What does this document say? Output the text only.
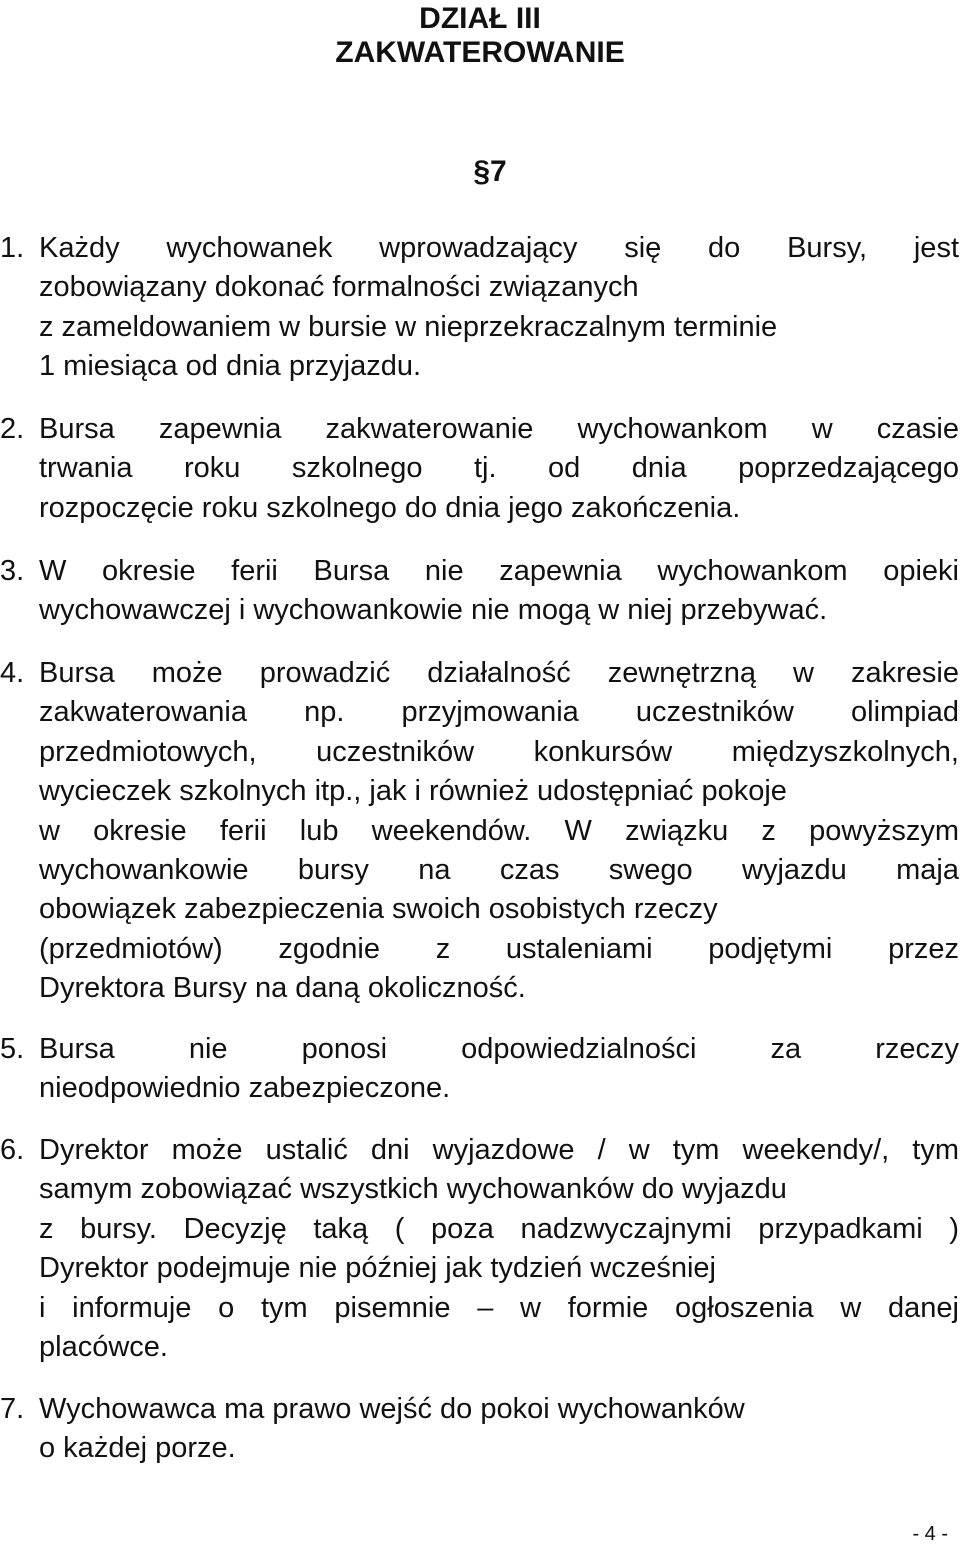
DZIAŁ III
ZAKWATEROWANIE
§7
1. Każdy wychowanek wprowadzający się do Bursy, jest
zobowiązany dokonać formalności związanych
z zameldowaniem w bursie w nieprzekraczalnym terminie
1 miesiąca od dnia przyjazdu.
2. Bursa zapewnia zakwaterowanie wychowankom w czasie
trwania roku szkolnego tj. od dnia poprzedzającego
rozpoczęcie roku szkolnego do dnia jego zakończenia.
3. W okresie ferii Bursa nie zapewnia wychowankom opieki
wychowawczej i wychowankowie nie mogą w niej przebywać.
4. Bursa może prowadzić działalność zewnętrzną w zakresie
zakwaterowania np. przyjmowania uczestników olimpiad
przedmiotowych, uczestników konkursów międzyszkolnych,
wycieczek szkolnych itp., jak i również udostępniać pokoje
w okresie ferii lub weekendów. W związku z powyższym
wychowankowie bursy na czas swego wyjazdu maja
obowiązek zabezpieczenia swoich osobistych rzeczy
(przedmiotów) zgodnie z ustaleniami podjętymi przez
Dyrektora Bursy na daną okoliczność.
5. Bursa nie ponosi odpowiedzialności za rzeczy
nieodpowiednio zabezpieczone.
6. Dyrektor może ustalić dni wyjazdowe / w tym weekendy/, tym
samym zobowiązać wszystkich wychowanków do wyjazdu
z bursy. Decyzję taką ( poza nadzwyczajnymi przypadkami )
Dyrektor podejmuje nie później jak tydzień wcześniej
i informuje o tym pisemnie – w formie ogłoszenia w danej
placówce.
7. Wychowawca ma prawo wejść do pokoi wychowanków
o każdej porze.
- 4 -
